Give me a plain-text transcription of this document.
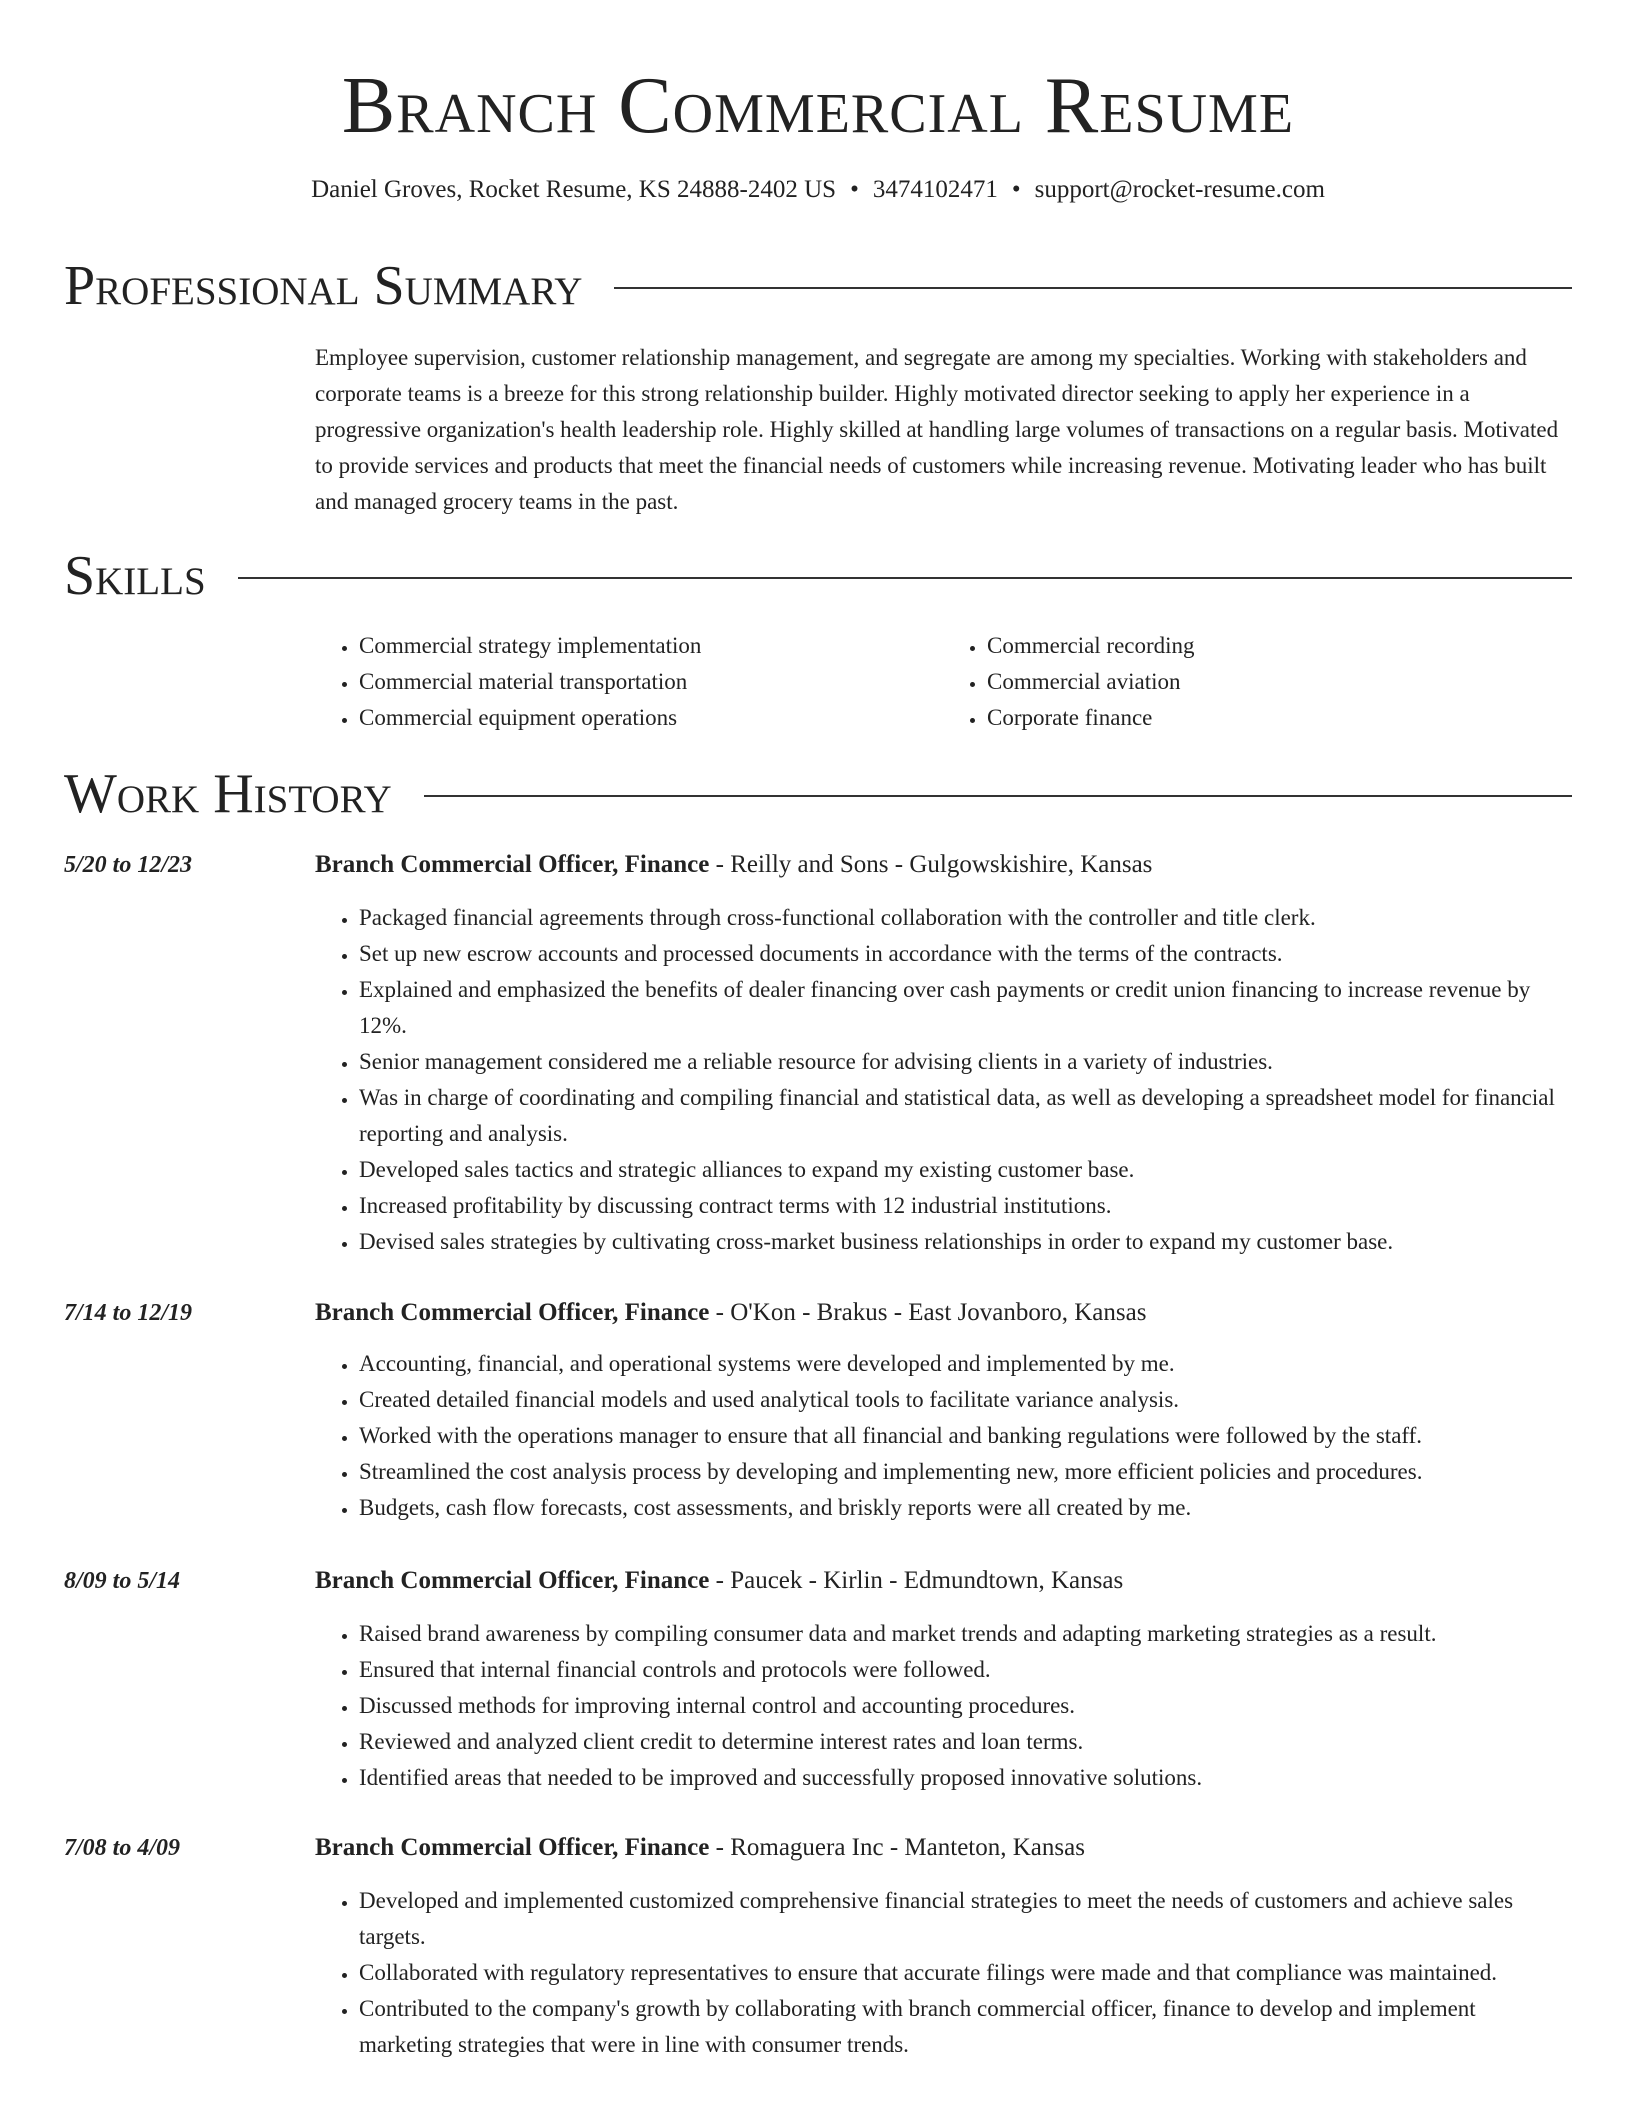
Branch Commercial Resume
Daniel Groves, Rocket Resume, KS 24888-2402 US • 3474102471 • support@rocket-resume.com
Professional Summary

Employee supervision, customer relationship management, and segregate are among my specialties. Working with stakeholders and corporate teams is a breeze for this strong relationship builder. Highly motivated director seeking to apply her experience in a progressive organization's health leadership role. Highly skilled at handling large volumes of transactions on a regular basis. Motivated to provide services and products that meet the financial needs of customers while increasing revenue. Motivating leader who has built and managed grocery teams in the past.

Skills
• Commercial strategy implementation
• Commercial material transportation
• Commercial equipment operations
• Commercial recording
• Commercial aviation
• Corporate finance
Work History
5/20 to 12/23	Branch Commercial Officer, Finance - Reilly and Sons - Gulgowskishire, Kansas
• Packaged financial agreements through cross-functional collaboration with the controller and title clerk.
• Set up new escrow accounts and processed documents in accordance with the terms of the contracts.
• Explained and emphasized the benefits of dealer financing over cash payments or credit union financing to increase revenue by 12%.
• Senior management considered me a reliable resource for advising clients in a variety of industries.
• Was in charge of coordinating and compiling financial and statistical data, as well as developing a spreadsheet model for financial reporting and analysis.
• Developed sales tactics and strategic alliances to expand my existing customer base.
• Increased profitability by discussing contract terms with 12 industrial institutions.
• Devised sales strategies by cultivating cross-market business relationships in order to expand my customer base.
7/14 to 12/19	Branch Commercial Officer, Finance - O'Kon - Brakus - East Jovanboro, Kansas
• Accounting, financial, and operational systems were developed and implemented by me.
• Created detailed financial models and used analytical tools to facilitate variance analysis.
• Worked with the operations manager to ensure that all financial and banking regulations were followed by the staff.
• Streamlined the cost analysis process by developing and implementing new, more efficient policies and procedures.
• Budgets, cash flow forecasts, cost assessments, and briskly reports were all created by me.
8/09 to 5/14	Branch Commercial Officer, Finance - Paucek - Kirlin - Edmundtown, Kansas
• Raised brand awareness by compiling consumer data and market trends and adapting marketing strategies as a result.
• Ensured that internal financial controls and protocols were followed.
• Discussed methods for improving internal control and accounting procedures.
• Reviewed and analyzed client credit to determine interest rates and loan terms.
• Identified areas that needed to be improved and successfully proposed innovative solutions.
7/08 to 4/09	Branch Commercial Officer, Finance - Romaguera Inc - Manteton, Kansas
• Developed and implemented customized comprehensive financial strategies to meet the needs of customers and achieve sales targets.
• Collaborated with regulatory representatives to ensure that accurate filings were made and that compliance was maintained.
• Contributed to the company's growth by collaborating with branch commercial officer, finance to develop and implement marketing strategies that were in line with consumer trends.
